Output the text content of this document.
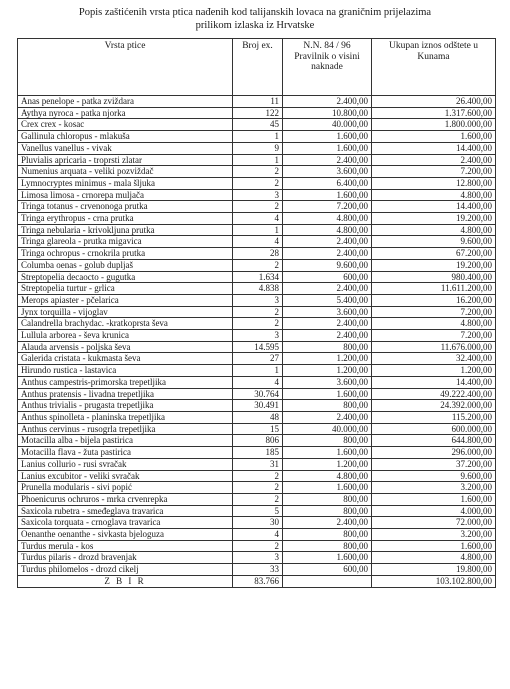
Popis zaštićenih vrsta ptica nađenih kod talijanskih lovaca na graničnim prijelazima
prilikom izlaska iz Hrvatske
Vrsta ptice	Broj ex.	N.N. 84 / 96 Pravilnik o visini naknade	Ukupan iznos odštete u Kunama
Anas penelope - patka zviždara	11	2.400,00	26.400,00
Aythya nyroca - patka njorka	122	10.800,00	1.317.600,00
Crex crex - kosac	45	40.000,00	1.800.000,00
Gallinula chloropus - mlakuša	1	1.600,00	1.600,00
Vanellus vanellus - vivak	9	1.600,00	14.400,00
Pluvialis apricaria - troprsti zlatar	1	2.400,00	2.400,00
Numenius arquata - veliki pozviždač	2	3.600,00	7.200,00
Lymnocryptes minimus - mala šljuka	2	6.400,00	12.800,00
Limosa limosa - crnorepa muljača	3	1.600,00	4.800,00
Tringa totanus - crvenonoga prutka	2	7.200,00	14.400,00
Tringa erythropus - crna prutka	4	4.800,00	19.200,00
Tringa nebularia - krivokljuna prutka	1	4.800,00	4.800,00
Tringa glareola - prutka migavica	4	2.400,00	9.600,00
Tringa ochropus - crnokrila prutka	28	2.400,00	67.200,00
Columba oenas - golub dupljaš	2	9.600,00	19.200,00
Streptopelia decaocto - gugutka	1.634	600,00	980.400,00
Streptopelia turtur - grlica	4.838	2.400,00	11.611.200,00
Merops apiaster - pčelarica	3	5.400,00	16.200,00
Jynx torquilla - vijoglav	2	3.600,00	7.200,00
Calandrella brachydac. -kratkoprsta ševa	2	2.400,00	4.800,00
Lullula arborea - ševa krunica	3	2.400,00	7.200,00
Alauda arvensis - poljska ševa	14.595	800,00	11.676.000,00
Galerida cristata - kukmasta ševa	27	1.200,00	32.400,00
Hirundo rustica - lastavica	1	1.200,00	1.200,00
Anthus campestris-primorska trepetljika	4	3.600,00	14.400,00
Anthus pratensis - livadna trepetljika	30.764	1.600,00	49.222.400,00
Anthus trivialis - prugasta trepetljika	30.491	800,00	24.392.000,00
Anthus spinolleta - planinska trepetljika	48	2.400,00	115.200,00
Anthus cervinus - rusogrla trepetljika	15	40.000,00	600.000,00
Motacilla alba - bijela pastirica	806	800,00	644.800,00
Motacilla flava - žuta pastirica	185	1.600,00	296.000,00
Lanius collurio - rusi svračak	31	1.200,00	37.200,00
Lanius excubitor - veliki svračak	2	4.800,00	9.600,00
Prunella modularis - sivi popić	2	1.600,00	3.200,00
Phoenicurus ochruros - mrka crvenrepka	2	800,00	1.600,00
Saxicola rubetra - smeđeglava travarica	5	800,00	4.000,00
Saxicola torquata - crnoglava travarica	30	2.400,00	72.000,00
Oenanthe oenanthe - sivkasta bjeloguza	4	800,00	3.200,00
Turdus merula - kos	2	800,00	1.600,00
Turdus pilaris - drozd bravenjak	3	1.600,00	4.800,00
Turdus philomelos - drozd cikelj	33	600,00	19.800,00
Z B I R	83.766		103.102.800,00
